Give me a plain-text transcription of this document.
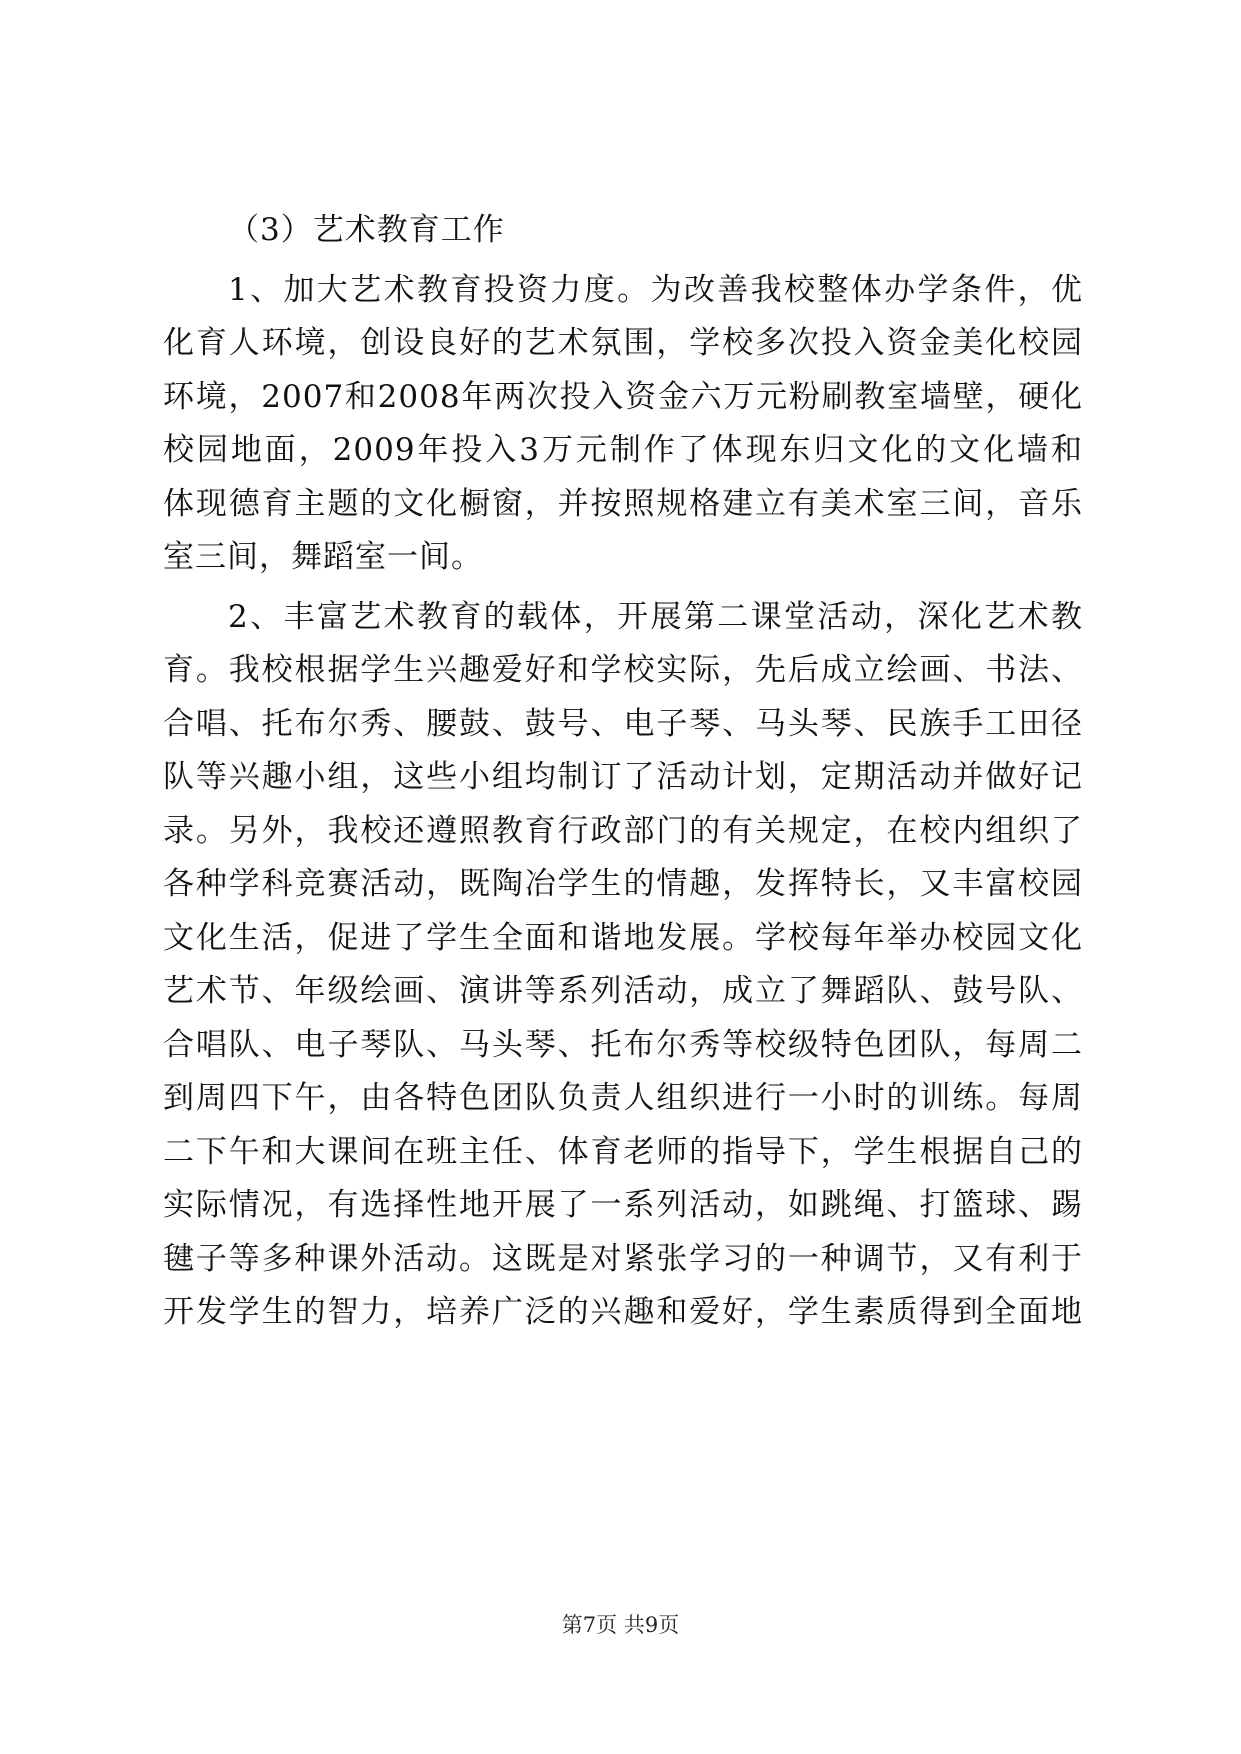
（3）艺术教育工作
1、加大艺术教育投资力度。为改善我校整体办学条件，优
化育人环境，创设良好的艺术氛围，学校多次投入资金美化校园
环境，2007和2008年两次投入资金六万元粉刷教室墙壁，硬化
校园地面，2009年投入3万元制作了体现东归文化的文化墙和
体现德育主题的文化橱窗，并按照规格建立有美术室三间，音乐
室三间，舞蹈室一间。
2、丰富艺术教育的载体，开展第二课堂活动，深化艺术教
育。我校根据学生兴趣爱好和学校实际，先后成立绘画、书法、
合唱、托布尔秀、腰鼓、鼓号、电子琴、马头琴、民族手工田径
队等兴趣小组，这些小组均制订了活动计划，定期活动并做好记
录。另外，我校还遵照教育行政部门的有关规定，在校内组织了
各种学科竞赛活动，既陶冶学生的情趣，发挥特长，又丰富校园
文化生活，促进了学生全面和谐地发展。学校每年举办校园文化
艺术节、年级绘画、演讲等系列活动，成立了舞蹈队、鼓号队、
合唱队、电子琴队、马头琴、托布尔秀等校级特色团队，每周二
到周四下午，由各特色团队负责人组织进行一小时的训练。每周
二下午和大课间在班主任、体育老师的指导下，学生根据自己的
实际情况，有选择性地开展了一系列活动，如跳绳、打篮球、踢
毽子等多种课外活动。这既是对紧张学习的一种调节，又有利于
开发学生的智力，培养广泛的兴趣和爱好，学生素质得到全面地
第7页 共9页
